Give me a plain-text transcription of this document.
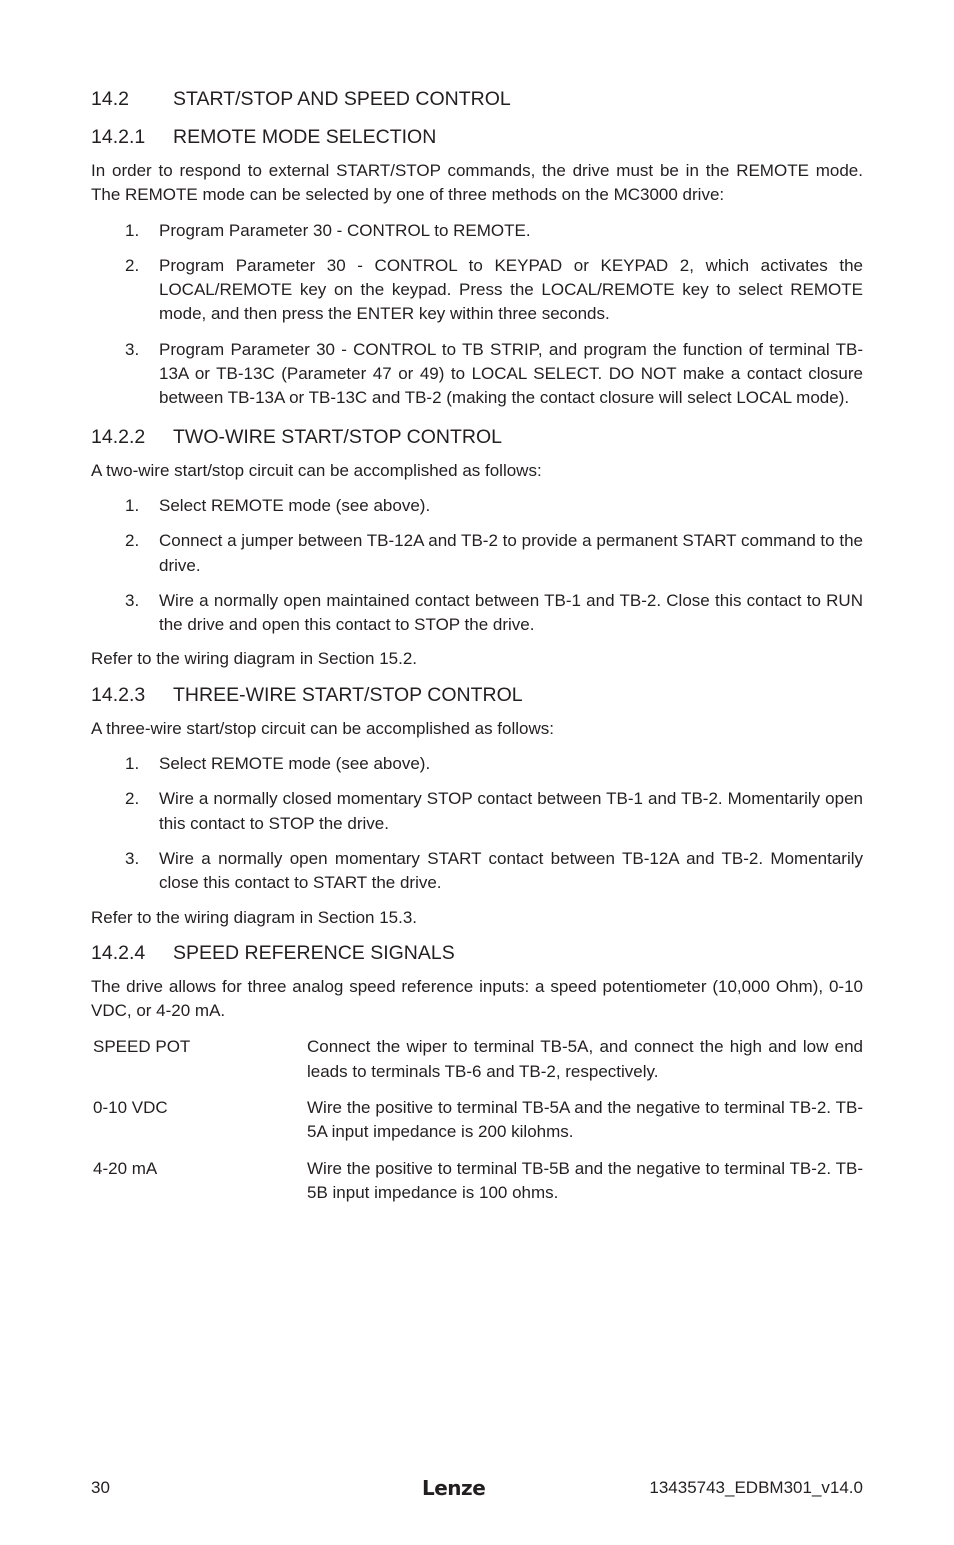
14.2	START/STOP AND SPEED CONTROL
14.2.1	REMOTE MODE SELECTION

In order to respond to external START/STOP commands, the drive must be in the REMOTE mode. The REMOTE mode can be selected by one of three methods on the MC3000 drive:

1.	Program Parameter 30 - CONTROL to REMOTE.
2.	Program Parameter 30 - CONTROL to KEYPAD or KEYPAD 2, which activates the LOCAL/REMOTE key on the keypad. Press the LOCAL/REMOTE key to select REMOTE mode, and then press the ENTER key within three seconds.
3.	Program Parameter 30 - CONTROL to TB STRIP, and program the function of terminal TB-13A or TB-13C (Parameter 47 or 49) to LOCAL SELECT. DO NOT make a contact closure between TB-13A or TB-13C and TB-2 (making the contact closure will select LOCAL mode).
14.2.2	TWO-WIRE START/STOP CONTROL

A two-wire start/stop circuit can be accomplished as follows:

1.	Select REMOTE mode (see above).
2.	Connect a jumper between TB-12A and TB-2 to provide a permanent START command to the drive.
3.	Wire a normally open maintained contact between TB-1 and TB-2. Close this contact to RUN the drive and open this contact to STOP the drive.

Refer to the wiring diagram in Section 15.2.

14.2.3	THREE-WIRE START/STOP CONTROL

A three-wire start/stop circuit can be accomplished as follows:

1.	Select REMOTE mode (see above).
2.	Wire a normally closed momentary STOP contact between TB-1 and TB-2. Momentarily open this contact to STOP the drive.
3.	Wire a normally open momentary START contact between TB-12A and TB-2. Momentarily close this contact to START the drive.

Refer to the wiring diagram in Section 15.3.

14.2.4	SPEED REFERENCE SIGNALS

The drive allows for three analog speed reference inputs: a speed potentiometer (10,000 Ohm), 0-10 VDC, or 4-20 mA.

SPEED POT	Connect the wiper to terminal TB-5A, and connect the high and low end leads to terminals TB-6 and TB-2, respectively.
0-10 VDC	Wire the positive to terminal TB-5A and the negative to terminal TB-2. TB-5A input impedance is 200 kilohms.
4-20 mA	Wire the positive to terminal TB-5B and the negative to terminal TB-2. TB-5B input impedance is 100 ohms.
30	Lenze	13435743_EDBM301_v14.0
